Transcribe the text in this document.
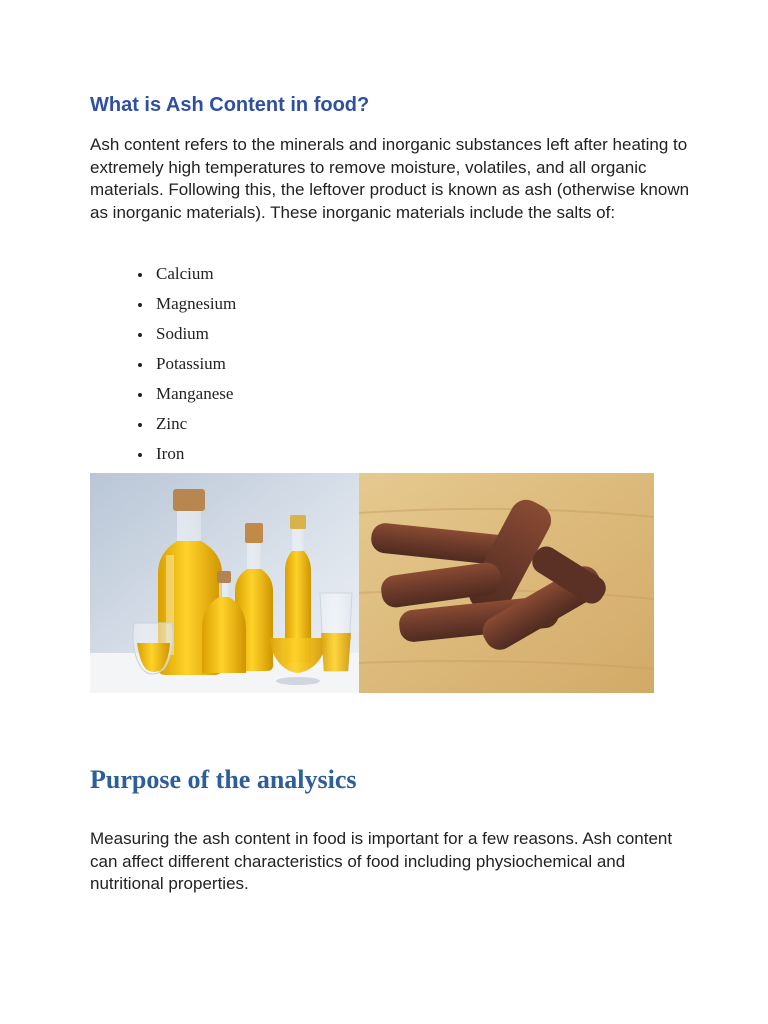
What is Ash Content in food?

Ash content refers to the minerals and inorganic substances left after heating to extremely high temperatures to remove moisture, volatiles, and all organic materials. Following this, the leftover product is known as ash (otherwise known as inorganic materials). These inorganic materials include the salts of:

Calcium
Magnesium
Sodium
Potassium
Manganese
Zinc
Iron
Purpose of the analysics

Measuring the ash content in food is important for a few reasons. Ash content can affect different characteristics of food including physiochemical and nutritional properties.
